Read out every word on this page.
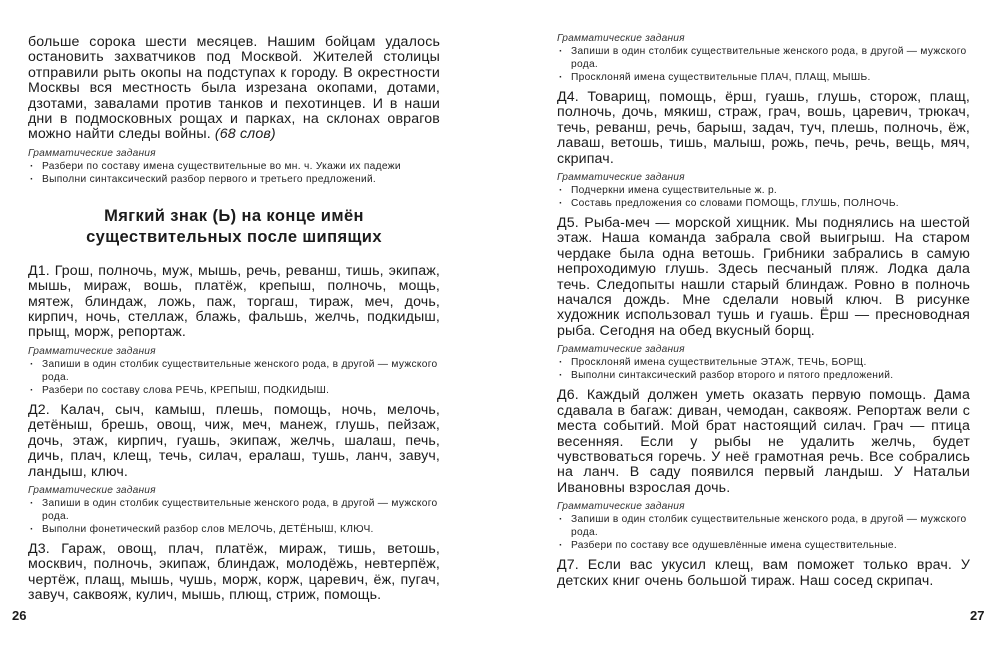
больше сорока шести месяцев. Нашим бойцам удалось остановить захватчиков под Москвой. Жителей столицы отправили рыть окопы на подступах к городу. В окрестности Москвы вся местность была изрезана окопами, дотами, дзотами, завалами против танков и пехотинцев. И в наши дни в подмосковных рощах и парках, на склонах оврагов можно найти следы войны. (68 слов)

Грамматические задания

· Разбери по составу имена существительные во мн. ч. Укажи их падежи
· Выполни синтаксический разбор первого и третьего предложений.
Мягкий знак (Ь) на конце имён
существительных после шипящих

Д1. Грош, полночь, муж, мышь, речь, реванш, тишь, экипаж, мышь, мираж, вошь, платёж, крепыш, полночь, мощь, мятеж, блиндаж, ложь, паж, торгаш, тираж, меч, дочь, кирпич, ночь, стеллаж, блажь, фальшь, желчь, подкидыш, прыщ, морж, репортаж.

Грамматические задания

· Запиши в один столбик существительные женского рода, в другой — мужского рода.
· Разбери по составу слова РЕЧЬ, КРЕПЫШ, ПОДКИДЫШ.

Д2. Калач, сыч, камыш, плешь, помощь, ночь, мелочь, детёныш, брешь, овощ, чиж, меч, манеж, глушь, пейзаж, дочь, этаж, кирпич, гуашь, экипаж, желчь, шалаш, печь, дичь, плач, клещ, течь, силач, ералаш, тушь, ланч, завуч, ландыш, ключ.

Грамматические задания

· Запиши в один столбик существительные женского рода, в другой — мужского рода.
· Выполни фонетический разбор слов МЕЛОЧЬ, ДЕТЁНЫШ, КЛЮЧ.

Д3. Гараж, овощ, плач, платёж, мираж, тишь, ветошь, москвич, полночь, экипаж, блиндаж, молодёжь, невтерпёж, чертёж, плащ, мышь, чушь, морж, корж, царевич, ёж, пугач, завуч, саквояж, кулич, мышь, плющ, стриж, помощь.

26

Грамматические задания

· Запиши в один столбик существительные женского рода, в другой — мужского рода.
· Просклоняй имена существительные ПЛАЧ, ПЛАЩ, МЫШЬ.

Д4. Товарищ, помощь, ёрш, гуашь, глушь, сторож, плащ, полночь, дочь, мякиш, страж, грач, вошь, царевич, трюкач, течь, реванш, речь, барыш, задач, туч, плешь, полночь, ёж, лаваш, ветошь, тишь, малыш, рожь, печь, речь, вещь, мяч, скрипач.

Грамматические задания

· Подчеркни имена существительные ж. р.
· Составь предложения со словами ПОМОЩЬ, ГЛУШЬ, ПОЛНОЧЬ.

Д5. Рыба-меч — морской хищник. Мы поднялись на шестой этаж. Наша команда забрала свой выигрыш. На старом чердаке была одна ветошь. Грибники забрались в самую непроходимую глушь. Здесь песчаный пляж. Лодка дала течь. Следопыты нашли старый блиндаж. Ровно в полночь начался дождь. Мне сделали новый ключ. В рисунке художник использовал тушь и гуашь. Ёрш — пресноводная рыба. Сегодня на обед вкусный борщ.

Грамматические задания

· Просклоняй имена существительные ЭТАЖ, ТЕЧЬ, БОРЩ.
· Выполни синтаксический разбор второго и пятого предложений.

Д6. Каждый должен уметь оказать первую помощь. Дама сдавала в багаж: диван, чемодан, саквояж. Репортаж вели с места событий. Мой брат настоящий силач. Грач — птица весенняя. Если у рыбы не удалить желчь, будет чувствоваться горечь. У неё грамотная речь. Все собрались на ланч. В саду появился первый ландыш. У Натальи Ивановны взрослая дочь.

Грамматические задания

· Запиши в один столбик существительные женского рода, в другой — мужского рода.
· Разбери по составу все одушевлённые имена существительные.

Д7. Если вас укусил клещ, вам поможет только врач. У детских книг очень большой тираж. Наш сосед скрипач.

27
